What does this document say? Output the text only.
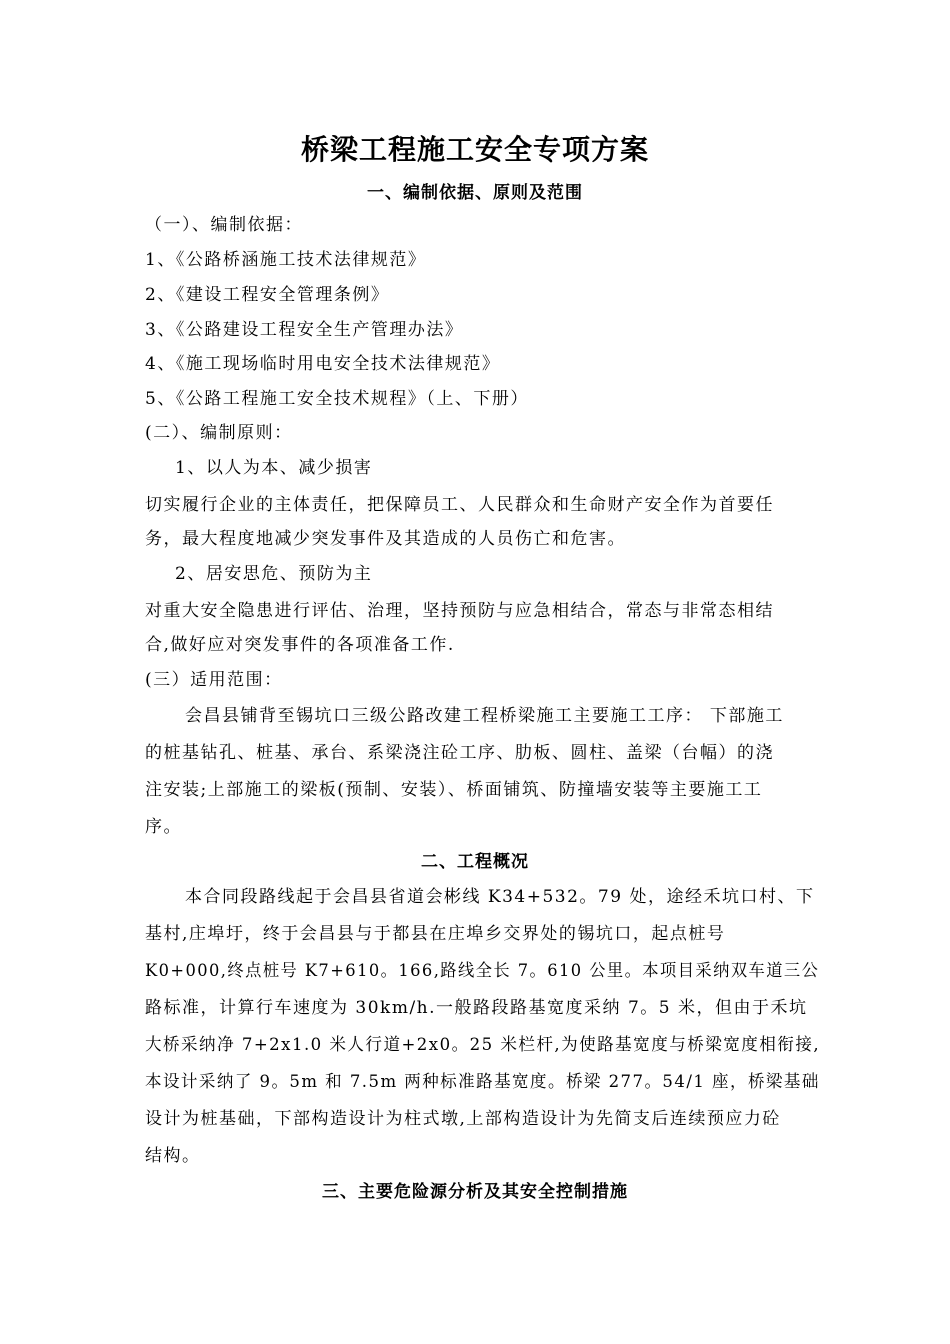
桥梁工程施工安全专项方案
一、编制依据、原则及范围
（一）、编制依据：
1、《公路桥涵施工技术法律规范》
2、《建设工程安全管理条例》
3、《公路建设工程安全生产管理办法》
4、《施工现场临时用电安全技术法律规范》
5、《公路工程施工安全技术规程》（上、下册）
(二）、编制原则：
1、以人为本、减少损害
切实履行企业的主体责任，把保障员工、人民群众和生命财产安全作为首要任
务，最大程度地减少突发事件及其造成的人员伤亡和危害。
2、居安思危、预防为主
对重大安全隐患进行评估、治理，坚持预防与应急相结合，常态与非常态相结
合,做好应对突发事件的各项准备工作.
(三）适用范围：
会昌县铺背至锡坑口三级公路改建工程桥梁施工主要施工工序： 下部施工
的桩基钻孔、桩基、承台、系梁浇注砼工序、肋板、圆柱、盖梁（台幅）的浇
注安装;上部施工的梁板(预制、安装）、桥面铺筑、防撞墙安装等主要施工工
序。
二、工程概况
本合同段路线起于会昌县省道会彬线 K34+532。79 处，途经禾坑口村、下
基村,庄埠圩，终于会昌县与于都县在庄埠乡交界处的锡坑口，起点桩号
K0+000,终点桩号 K7+610。166,路线全长 7。610 公里。本项目采纳双车道三公
路标准，计算行车速度为 30km/h.一般路段路基宽度采纳 7。5 米，但由于禾坑
大桥采纳净 7+2x1.0 米人行道+2x0。25 米栏杆,为使路基宽度与桥梁宽度相衔接,
本设计采纳了 9。5m 和 7.5m 两种标准路基宽度。桥梁 277。54/1 座，桥梁基础
设计为桩基础，下部构造设计为柱式墩,上部构造设计为先简支后连续预应力砼
结构。
三、主要危险源分析及其安全控制措施
